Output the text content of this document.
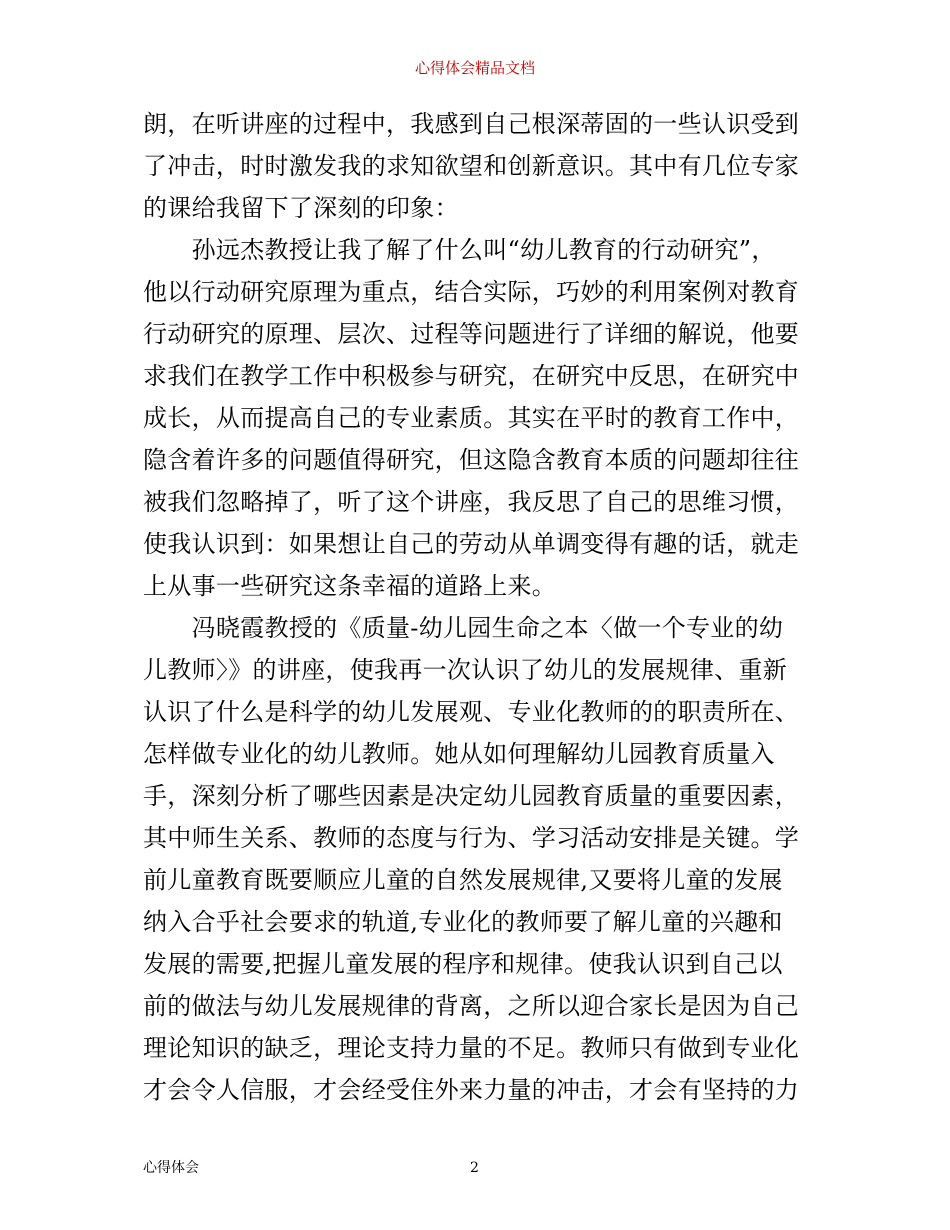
心得体会精品文档
朗，在听讲座的过程中，我感到自己根深蒂固的一些认识受到
了冲击，时时激发我的求知欲望和创新意识。其中有几位专家
的课给我留下了深刻的印象：
　　孙远杰教授让我了解了什么叫“幼儿教育的行动研究”，
他以行动研究原理为重点，结合实际，巧妙的利用案例对教育
行动研究的原理、层次、过程等问题进行了详细的解说，他要
求我们在教学工作中积极参与研究，在研究中反思，在研究中
成长，从而提高自己的专业素质。其实在平时的教育工作中，
隐含着许多的问题值得研究，但这隐含教育本质的问题却往往
被我们忽略掉了，听了这个讲座，我反思了自己的思维习惯，
使我认识到：如果想让自己的劳动从单调变得有趣的话，就走
上从事一些研究这条幸福的道路上来。
　　冯晓霞教授的《质量-幼儿园生命之本〈做一个专业的幼
儿教师〉》的讲座，使我再一次认识了幼儿的发展规律、重新
认识了什么是科学的幼儿发展观、专业化教师的的职责所在、
怎样做专业化的幼儿教师。她从如何理解幼儿园教育质量入
手，深刻分析了哪些因素是决定幼儿园教育质量的重要因素，
其中师生关系、教师的态度与行为、学习活动安排是关键。学
前儿童教育既要顺应儿童的自然发展规律,又要将儿童的发展
纳入合乎社会要求的轨道,专业化的教师要了解儿童的兴趣和
发展的需要,把握儿童发展的程序和规律。使我认识到自己以
前的做法与幼儿发展规律的背离，之所以迎合家长是因为自己
理论知识的缺乏，理论支持力量的不足。教师只有做到专业化
才会令人信服，才会经受住外来力量的冲击，才会有坚持的力
心得体会	2
